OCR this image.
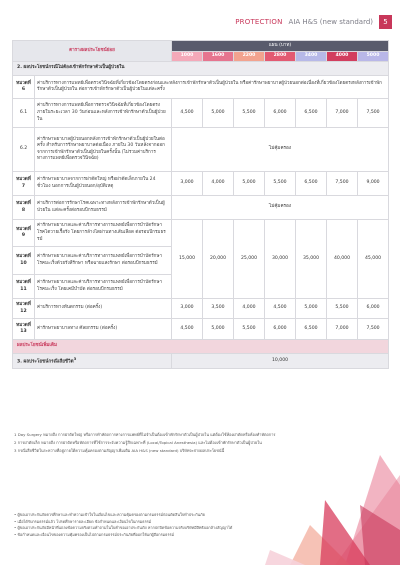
PROTECTION AIA H&S (new standard)	5
ตารางผลประโยชน์ย่อย		แผน (บาท)						
		1000	1600	2200	2800	3400	4000	5000
2. ผลประโยชน์กรณีไม่ต้องเข้าพักรักษาตัวเป็นผู้ป่วยใน								
หมวดที่ 6	ค่าบริการทางการแพทย์เพื่อตรวจวินิจฉัยที่เกี่ยวข้องโดยตรงก่อนและหลังการเข้าพักรักษาตัวเป็นผู้ป่วยใน หรือค่ารักษาพยาบาลผู้ป่วยนอกต่อเนื่องที่เกี่ยวข้องโดยตรงหลังการเข้าพักรักษาตัวเป็นผู้ป่วยใน ต่อการเข้าพักรักษาตัวเป็นผู้ป่วยในแต่ละครั้ง							
6.1	ค่าบริการทางการแพทย์เพื่อการตรวจวินิจฉัยที่เกี่ยวข้องโดยตรงภายในระยะเวลา 30 วันก่อนและหลังการเข้าพักรักษาตัวเป็นผู้ป่วยใน	4,500	5,000	5,500	6,000	6,500	7,000	7,500
6.2	ค่ารักษาพยาบาลผู้ป่วยนอกหลังการเข้าพักรักษาตัวเป็นผู้ป่วยในต่อครั้ง สำหรับการรักษาพยาบาลต่อเนื่อง ภายใน 30 วันหลังจากออกจากการเข้าพักรักษาตัวเป็นผู้ป่วยในครั้งนั้น (ไม่รวมค่าบริการทางการแพทย์เพื่อตรวจวินิจฉัย)	ไม่คุ้มครอง						
หมวดที่ 7	ค่ารักษาพยาบาลจากการผ่าตัดใหญ่ หรือผ่าตัดเล็กภายใน 24 ชั่วโมง นอกการเป็นผู้ป่วยนอก/อุบัติเหตุ	3,000	4,000	5,000	5,500	6,500	7,500	9,000
หมวดที่ 8	ค่าบริการต่อการรักษาโรคเฉพาะทางหลังการเข้าพักรักษาตัวเป็นผู้ป่วยใน แต่ละครั้งต่อรอบปีกรมธรรม์	ไม่คุ้มครอง						
หมวดที่ 9	ค่ารักษาพยาบาลและค่าบริการทางการแพทย์เพื่อการบำบัดรักษาโรคไตวายเรื้อรัง โดยการล้างไตผ่านทางเส้นเลือด ต่อรอบปีกรมธรรม์	15,000	20,000	25,000	30,000	35,000	40,000	45,000
หมวดที่ 10	ค่ารักษาพยาบาลและค่าบริการทางการแพทย์เพื่อการบำบัดรักษาโรคมะเร็งด้วยรังสีรักษา หรือฉายแสงรักษา ต่อรอบปีกรมธรรม์							
หมวดที่ 11	ค่ารักษาพยาบาลและค่าบริการทางการแพทย์เพื่อการบำบัดรักษาโรคมะเร็ง โดยเคมีบำบัด ต่อรอบปีกรมธรรม์							
หมวดที่ 12	ค่าบริการทางทันตกรรม (ต่อครั้ง)	3,000	3,500	4,000	4,500	5,000	5,500	6,000
หมวดที่ 13	ค่ารักษาพยาบาลทาง ศัลยกรรม (ต่อครั้ง)	4,500	5,000	5,500	6,000	6,500	7,000	7,500
ผลประโยชน์เพิ่มเติม								
3. ผลประโยชน์กรณีเสียชีวิต$^3$		10,000						

1 Day Surgery หมายถึง การผ่าตัดใหญ่ หรือการทำหัตถการทางการแพทย์ที่ไม่จำเป็นต้องเข้าพักรักษาตัวเป็นผู้ป่วยใน แต่ต้องใช้ห้องผ่าตัดหรือห้องทำหัตถการ

2 การผ่าตัดเล็ก หมายถึง การผ่าตัดหรือหัตถการที่ใช้การระงับความรู้สึกเฉพาะที่ (Local/Topical Anesthesia) และไม่ต้องเข้าพักรักษาตัวเป็นผู้ป่วยใน

3 กรณีเสียชีวิตในระหว่างที่อยู่ภายใต้ความคุ้มครองตามสัญญาเพิ่มเติม AIA H&S (new standard) บริษัทจะจ่ายผลประโยชน์นี้

• ผู้ขอเอาประกันภัยควรศึกษาและทำความเข้าใจในเงื่อนไขและความคุ้มครองตามกรมธรรม์ก่อนตัดสินใจทำประกันภัย

• เมื่อได้รับกรมธรรม์แล้ว โปรดศึกษารายละเอียด ข้อกำหนดและเงื่อนไขในกรมธรรม์

• ผู้ขอเอาประกันภัยมีหน้าที่แถลงข้อความจริงตามคำถามในใบคำขอเอาประกันภัย หากปกปิดข้อความจริงบริษัทมีสิทธิบอกล้างสัญญาได้

• ข้อกำหนดและเงื่อนไขของความคุ้มครองเป็นไปตามกรมธรรม์ประกันภัยที่ออกให้แก่ผู้ถือกรมธรรม์
